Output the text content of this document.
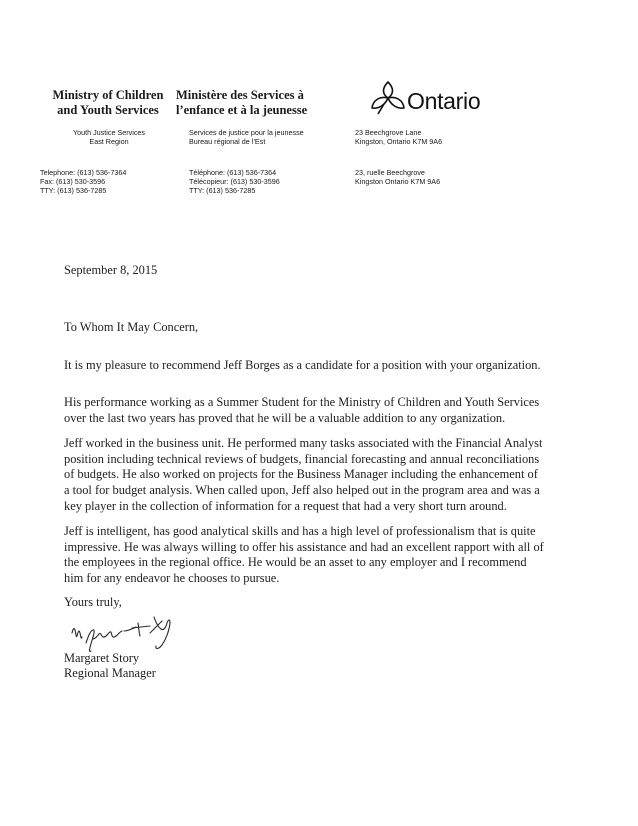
Ministry of Children
and Youth Services
Ministère des Services à
l’enfance et à la jeunesse	Ontario
Youth Justice Services
East Region
Services de justice pour la jeunesse
Bureau régional de l’Est
23 Beechgrove Lane
Kingston, Ontario K7M 9A6
Telephone: (613) 536-7364
Fax: (613) 530-3596
TTY: (613) 536-7285
Téléphone: (613) 536-7364
Télécopieur: (613) 530-3596
TTY: (613) 536-7285
23, ruelle Beechgrove
Kingston Ontario K7M 9A6
September 8, 2015
To Whom It May Concern,
It is my pleasure to recommend Jeff Borges as a candidate for a position with your organization.
His performance working as a Summer Student for the Ministry of Children and Youth Services
over the last two years has proved that he will be a valuable addition to any organization.
Jeff worked in the business unit. He performed many tasks associated with the Financial Analyst
position including technical reviews of budgets, financial forecasting and annual reconciliations
of budgets. He also worked on projects for the Business Manager including the enhancement of
a tool for budget analysis. When called upon, Jeff also helped out in the program area and was a
key player in the collection of information for a request that had a very short turn around.
Jeff is intelligent, has good analytical skills and has a high level of professionalism that is quite
impressive. He was always willing to offer his assistance and had an excellent rapport with all of
the employees in the regional office. He would be an asset to any employer and I recommend
him for any endeavor he chooses to pursue.
Yours truly,
Margaret Story
Regional Manager
